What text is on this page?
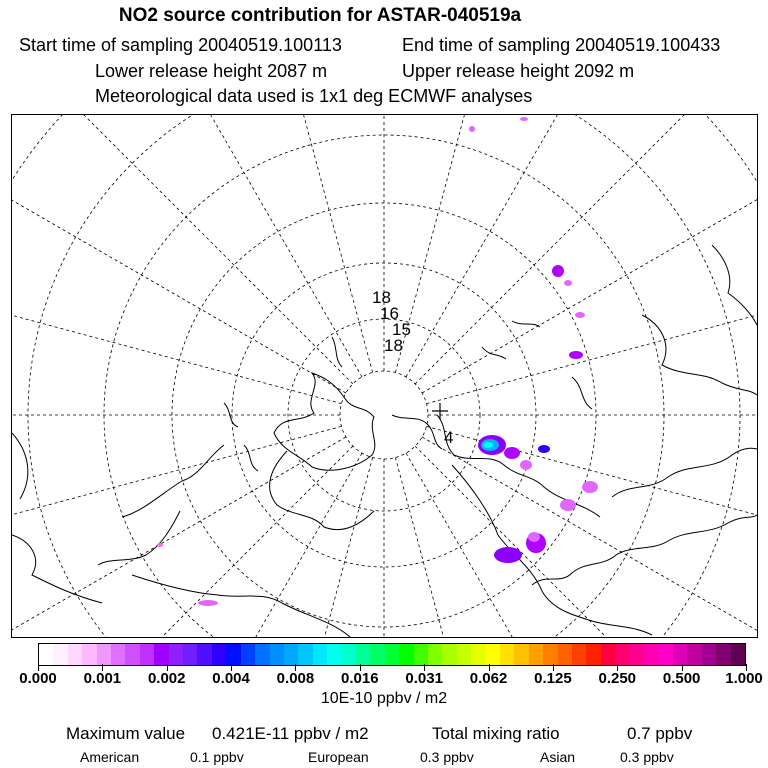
NO2 source contribution for ASTAR-040519a
Start time of sampling 20040519.100113	End time of sampling 20040519.100433
Lower release height 2087 m	Upper release height 2092 m
Meteorological data used is 1x1 deg ECMWF analyses
18
16
15
18
4
0.000 0.001 0.002 0.004 0.008 0.016 0.031 0.062 0.125 0.250 0.500 1.000
10E-10 ppbv / m2
Maximum value 0.421E-11 ppbv / m2	Total mixing ratio	0.7 ppbv
American	0.1 ppbv	European	0.3 ppbv	Asian	0.3 ppbv
